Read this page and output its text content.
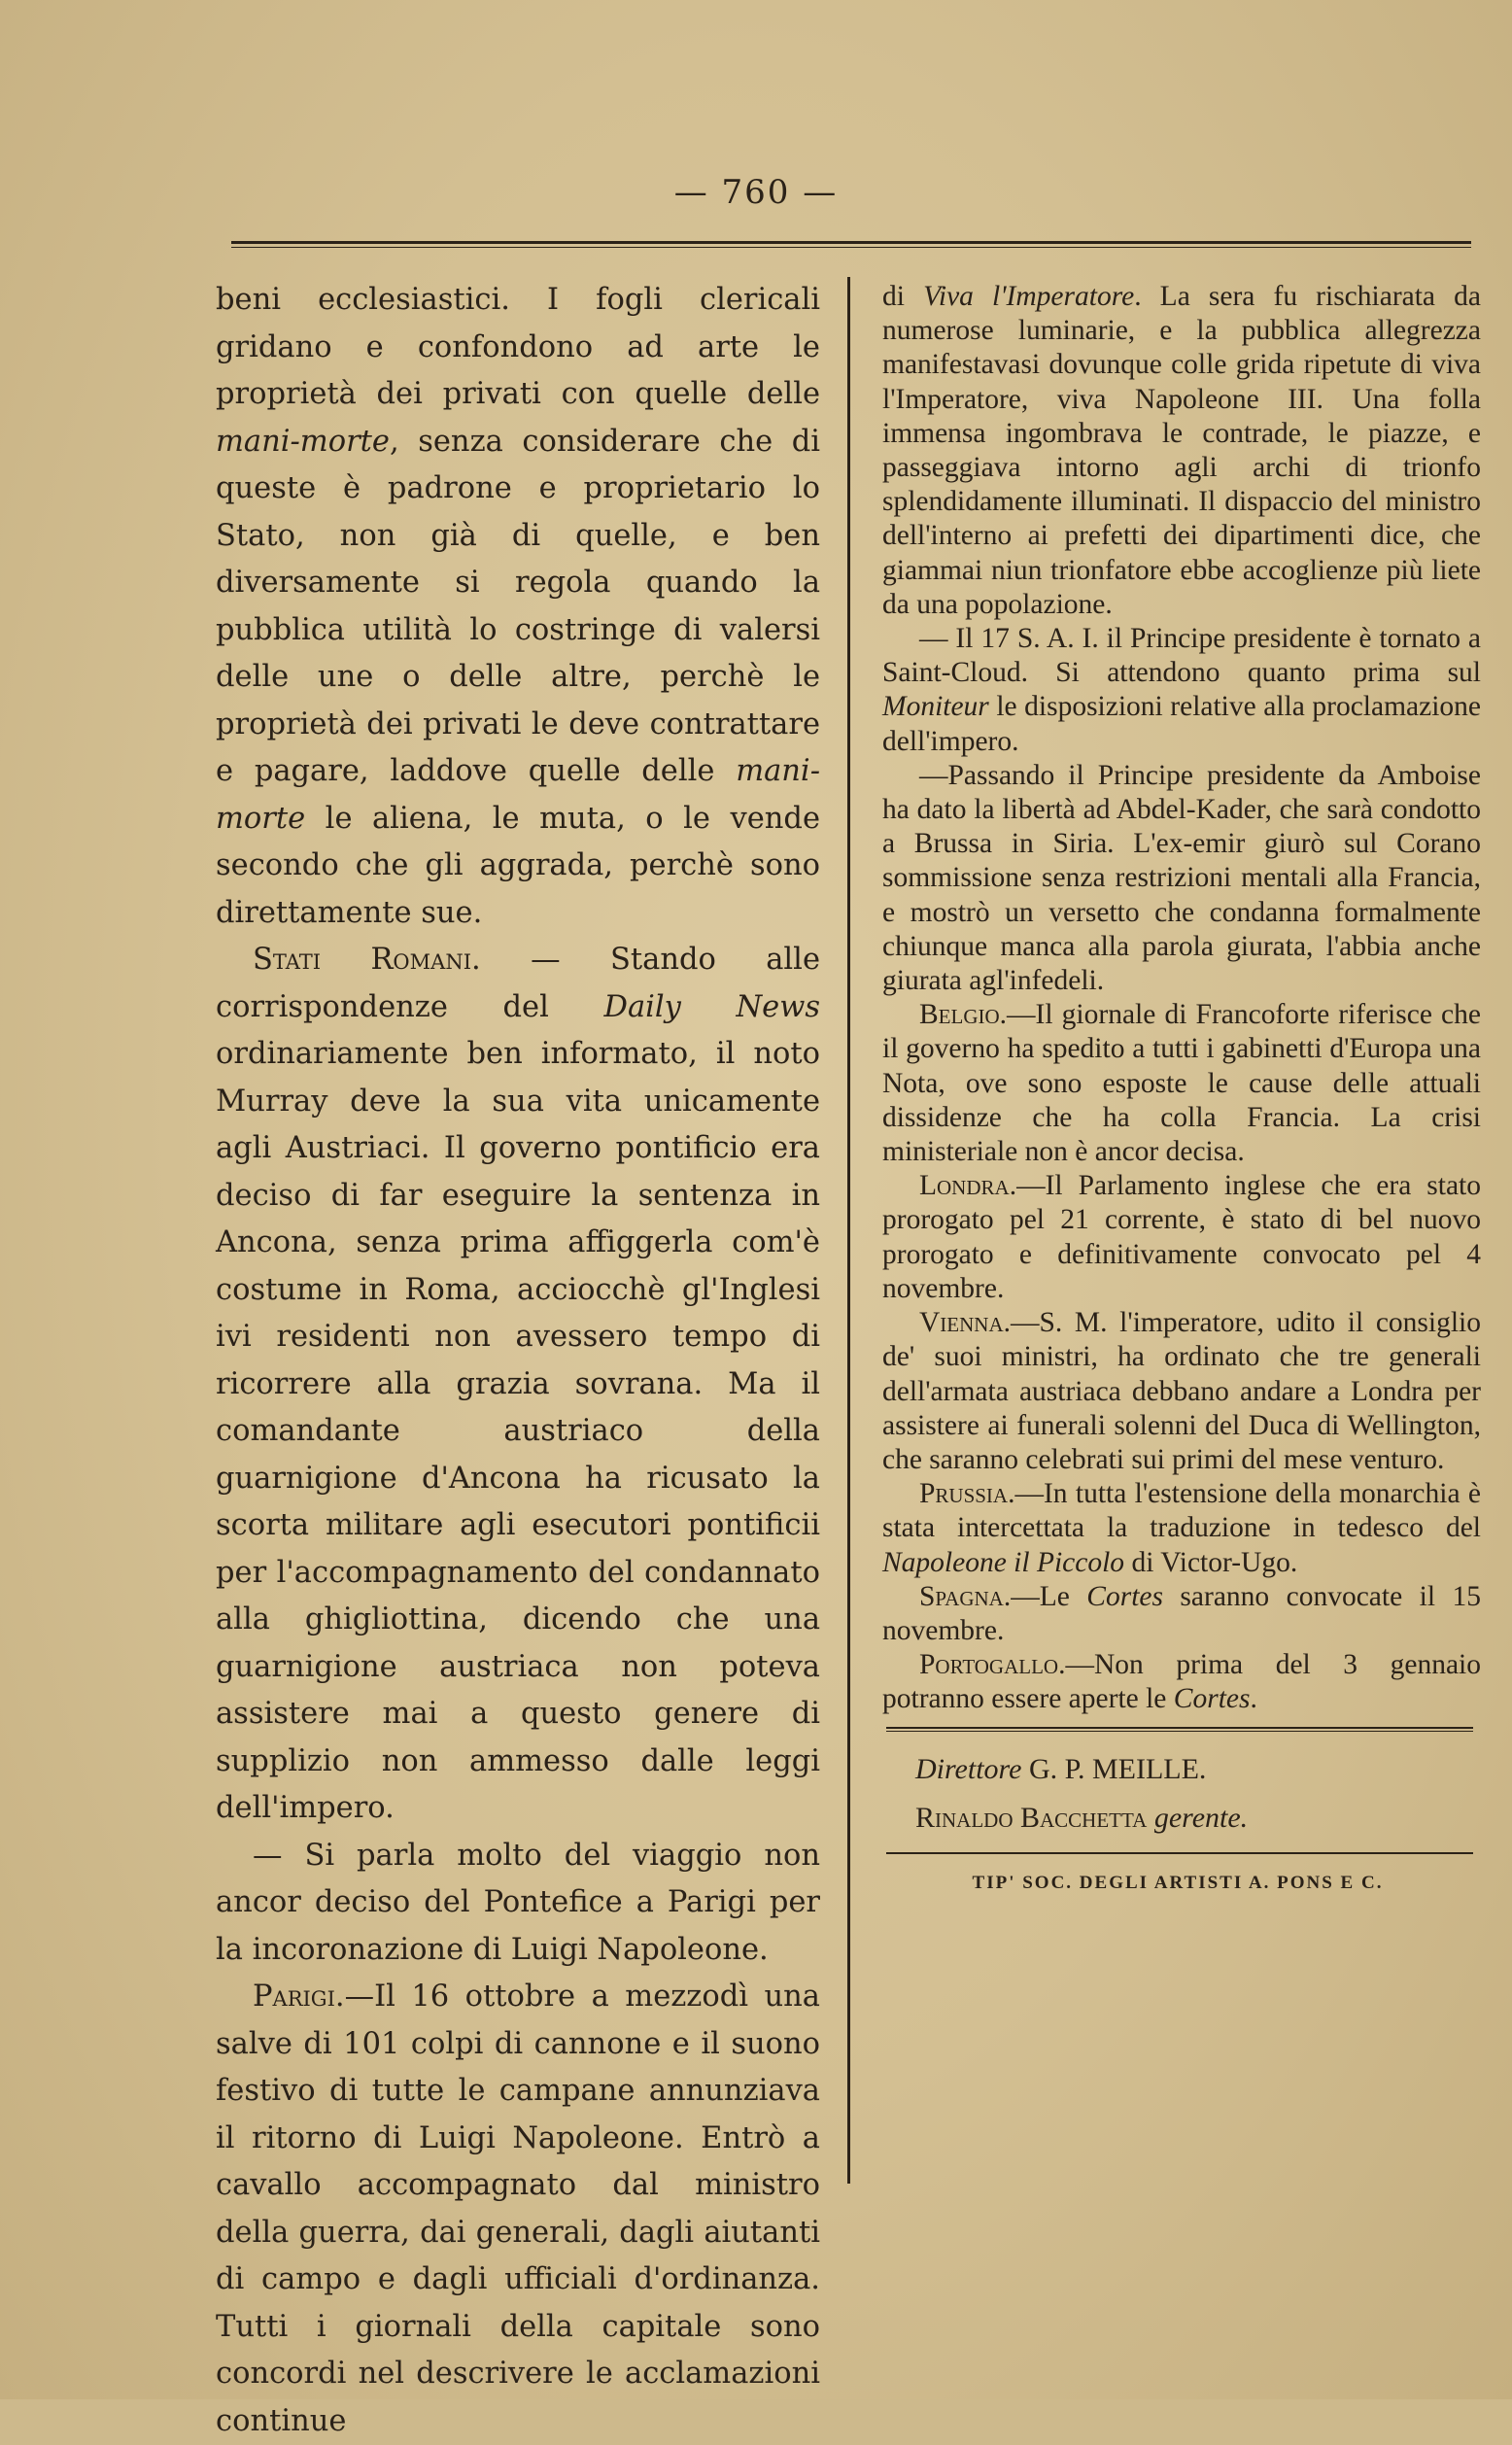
— 760 —

beni ecclesiastici. I fogli clericali gridano e confondono ad arte le proprietà dei privati con quelle delle mani-morte, senza considerare che di queste è padrone e proprietario lo Stato, non già di quelle, e ben diversamente si regola quando la pubblica utilità lo costringe di valersi delle une o delle altre, perchè le proprietà dei privati le deve contrattare e pagare, laddove quelle delle mani-morte le aliena, le muta, o le vende secondo che gli aggrada, perchè sono direttamente sue.

Stati Romani. — Stando alle corrispondenze del Daily News ordinariamente ben informato, il noto Murray deve la sua vita unicamente agli Austriaci. Il governo pontificio era deciso di far eseguire la sentenza in Ancona, senza prima affiggerla com'è costume in Roma, acciocchè gl'Inglesi ivi residenti non avessero tempo di ricorrere alla grazia sovrana. Ma il comandante austriaco della guarnigione d'Ancona ha ricusato la scorta militare agli esecutori pontificii per l'accompagnamento del condannato alla ghigliottina, dicendo che una guarnigione austriaca non poteva assistere mai a questo genere di supplizio non ammesso dalle leggi dell'impero.

— Si parla molto del viaggio non ancor deciso del Pontefice a Parigi per la incoronazione di Luigi Napoleone.

Parigi.—Il 16 ottobre a mezzodì una salve di 101 colpi di cannone e il suono festivo di tutte le campane annunziava il ritorno di Luigi Napoleone. Entrò a cavallo accompagnato dal ministro della guerra, dai generali, dagli aiutanti di campo e dagli ufficiali d'ordinanza. Tutti i giornali della capitale sono concordi nel descrivere le acclamazioni continue

di Viva l'Imperatore. La sera fu rischiarata da numerose luminarie, e la pubblica allegrezza manifestavasi dovunque colle grida ripetute di viva l'Imperatore, viva Napoleone III. Una folla immensa ingombrava le contrade, le piazze, e passeggiava intorno agli archi di trionfo splendidamente illuminati. Il dispaccio del ministro dell'interno ai prefetti dei dipartimenti dice, che giammai niun trionfatore ebbe accoglienze più liete da una popolazione.

— Il 17 S. A. I. il Principe presidente è tornato a Saint-Cloud. Si attendono quanto prima sul Moniteur le disposizioni relative alla proclamazione dell'impero.

—Passando il Principe presidente da Amboise ha dato la libertà ad Abdel-Kader, che sarà condotto a Brussa in Siria. L'ex-emir giurò sul Corano sommissione senza restrizioni mentali alla Francia, e mostrò un versetto che condanna formalmente chiunque manca alla parola giurata, l'abbia anche giurata agl'infedeli.

Belgio.—Il giornale di Francoforte riferisce che il governo ha spedito a tutti i gabinetti d'Europa una Nota, ove sono esposte le cause delle attuali dissidenze che ha colla Francia. La crisi ministeriale non è ancor decisa.

Londra.—Il Parlamento inglese che era stato prorogato pel 21 corrente, è stato di bel nuovo prorogato e definitivamente convocato pel 4 novembre.

Vienna.—S. M. l'imperatore, udito il consiglio de' suoi ministri, ha ordinato che tre generali dell'armata austriaca debbano andare a Londra per assistere ai funerali solenni del Duca di Wellington, che saranno celebrati sui primi del mese venturo.

Prussia.—In tutta l'estensione della monarchia è stata intercettata la traduzione in tedesco del Napoleone il Piccolo di Victor-Ugo.

Spagna.—Le Cortes saranno convocate il 15 novembre.

Portogallo.—Non prima del 3 gennaio potranno essere aperte le Cortes.

Direttore G. P. MEILLE.
Rinaldo Bacchetta gerente.
TIP' SOC. DEGLI ARTISTI A. PONS E C.
